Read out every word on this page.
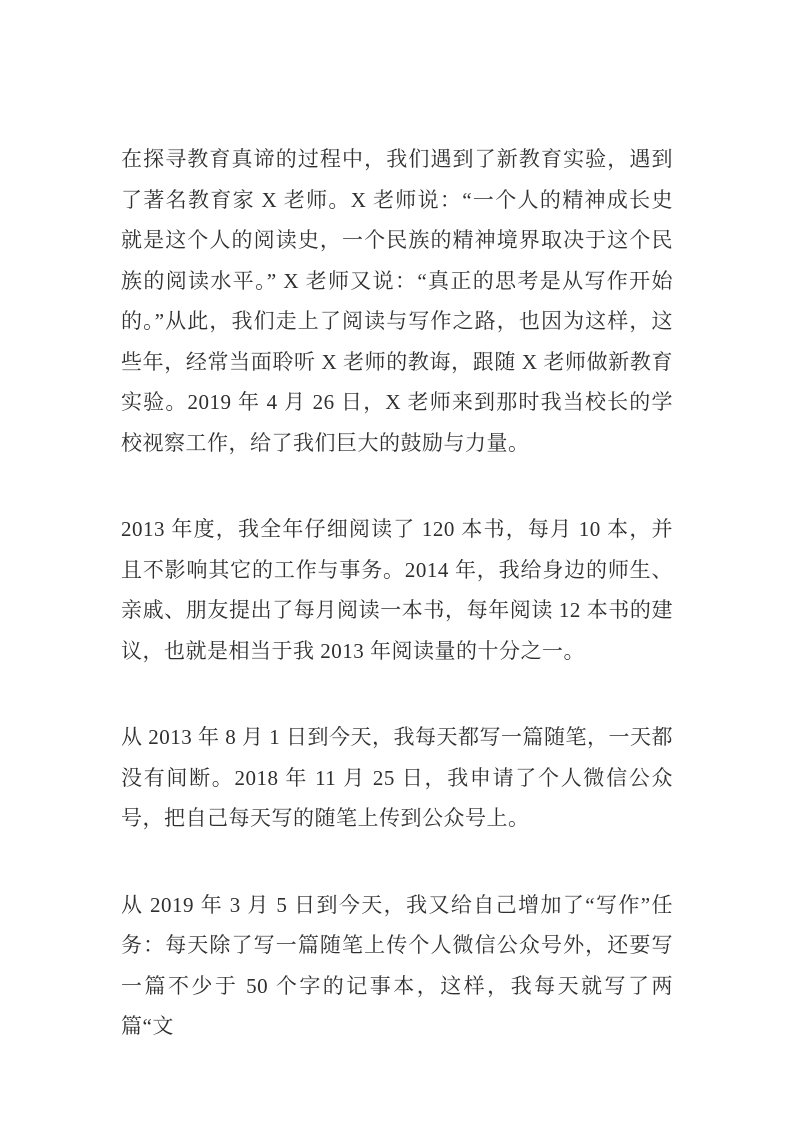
在探寻教育真谛的过程中，我们遇到了新教育实验，遇到了著名教育家 X 老师。X 老师说：“一个人的精神成长史就是这个人的阅读史，一个民族的精神境界取决于这个民族的阅读水平。” X 老师又说：“真正的思考是从写作开始的。”从此，我们走上了阅读与写作之路，也因为这样，这些年，经常当面聆听 X 老师的教诲，跟随 X 老师做新教育实验。2019 年 4 月 26 日，X 老师来到那时我当校长的学校视察工作，给了我们巨大的鼓励与力量。

2013 年度，我全年仔细阅读了 120 本书，每月 10 本，并且不影响其它的工作与事务。2014 年，我给身边的师生、亲戚、朋友提出了每月阅读一本书，每年阅读 12 本书的建议，也就是相当于我 2013 年阅读量的十分之一。

从 2013 年 8 月 1 日到今天，我每天都写一篇随笔，一天都没有间断。2018 年 11 月 25 日，我申请了个人微信公众号，把自己每天写的随笔上传到公众号上。

从 2019 年 3 月 5 日到今天，我又给自己增加了“写作”任务：每天除了写一篇随笔上传个人微信公众号外，还要写一篇不少于 50 个字的记事本，这样，我每天就写了两篇“文
